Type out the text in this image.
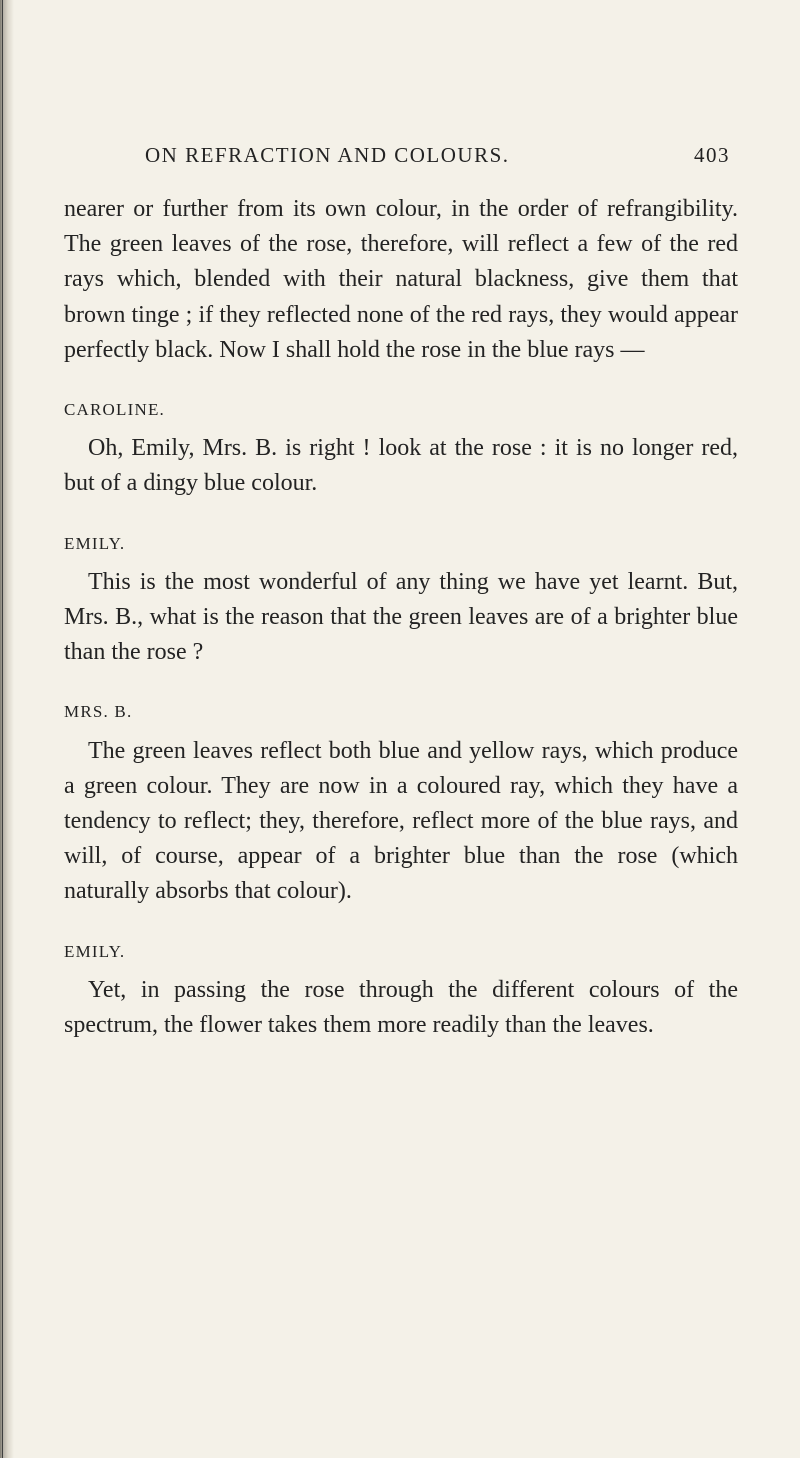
ON REFRACTION AND COLOURS.	403

nearer or further from its own colour, in the order of refrangibility. The green leaves of the rose, therefore, will reflect a few of the red rays which, blended with their natural blackness, give them that brown tinge ; if they reflected none of the red rays, they would appear perfectly black. Now I shall hold the rose in the blue rays —

CAROLINE.

Oh, Emily, Mrs. B. is right ! look at the rose : it is no longer red, but of a dingy blue colour.

EMILY.

This is the most wonderful of any thing we have yet learnt. But, Mrs. B., what is the reason that the green leaves are of a brighter blue than the rose ?

MRS. B.

The green leaves reflect both blue and yellow rays, which produce a green colour. They are now in a coloured ray, which they have a tendency to reflect; they, therefore, reflect more of the blue rays, and will, of course, appear of a brighter blue than the rose (which naturally absorbs that colour).

EMILY.

Yet, in passing the rose through the different colours of the spectrum, the flower takes them more readily than the leaves.
